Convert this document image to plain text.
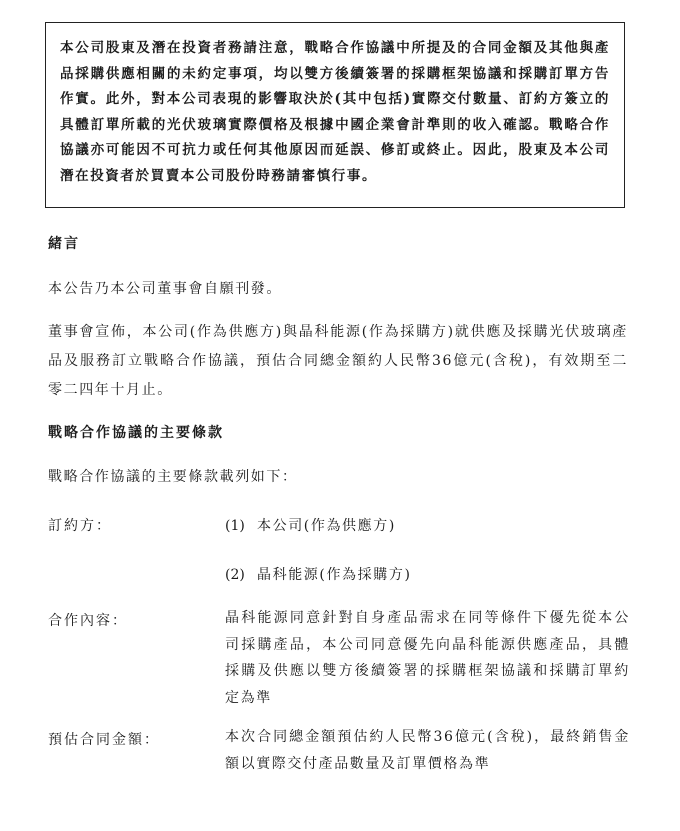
本公司股東及潛在投資者務請注意，戰略合作協議中所提及的合同金額及其他與產品採購供應相關的未約定事項，均以雙方後續簽署的採購框架協議和採購訂單方告作實。此外，對本公司表現的影響取決於(其中包括)實際交付數量、訂約方簽立的具體訂單所載的光伏玻璃實際價格及根據中國企業會計準則的收入確認。戰略合作協議亦可能因不可抗力或任何其他原因而延誤、修訂或終止。因此，股東及本公司潛在投資者於買賣本公司股份時務請審慎行事。
緒言
本公告乃本公司董事會自願刊發。
董事會宣佈，本公司(作為供應方)與晶科能源(作為採購方)就供應及採購光伏玻璃產品及服務訂立戰略合作協議，預估合同總金額約人民幣36億元(含稅)，有效期至二零二四年十月止。
戰略合作協議的主要條款
戰略合作協議的主要條款載列如下：
訂約方：	(1) 本公司(作為供應方)
(2) 晶科能源(作為採購方)
合作內容：	晶科能源同意針對自身產品需求在同等條件下優先從本公司採購產品，本公司同意優先向晶科能源供應產品，具體採購及供應以雙方後續簽署的採購框架協議和採購訂單約定為準
預估合同金額：	本次合同總金額預估約人民幣36億元(含稅)，最終銷售金額以實際交付產品數量及訂單價格為準
